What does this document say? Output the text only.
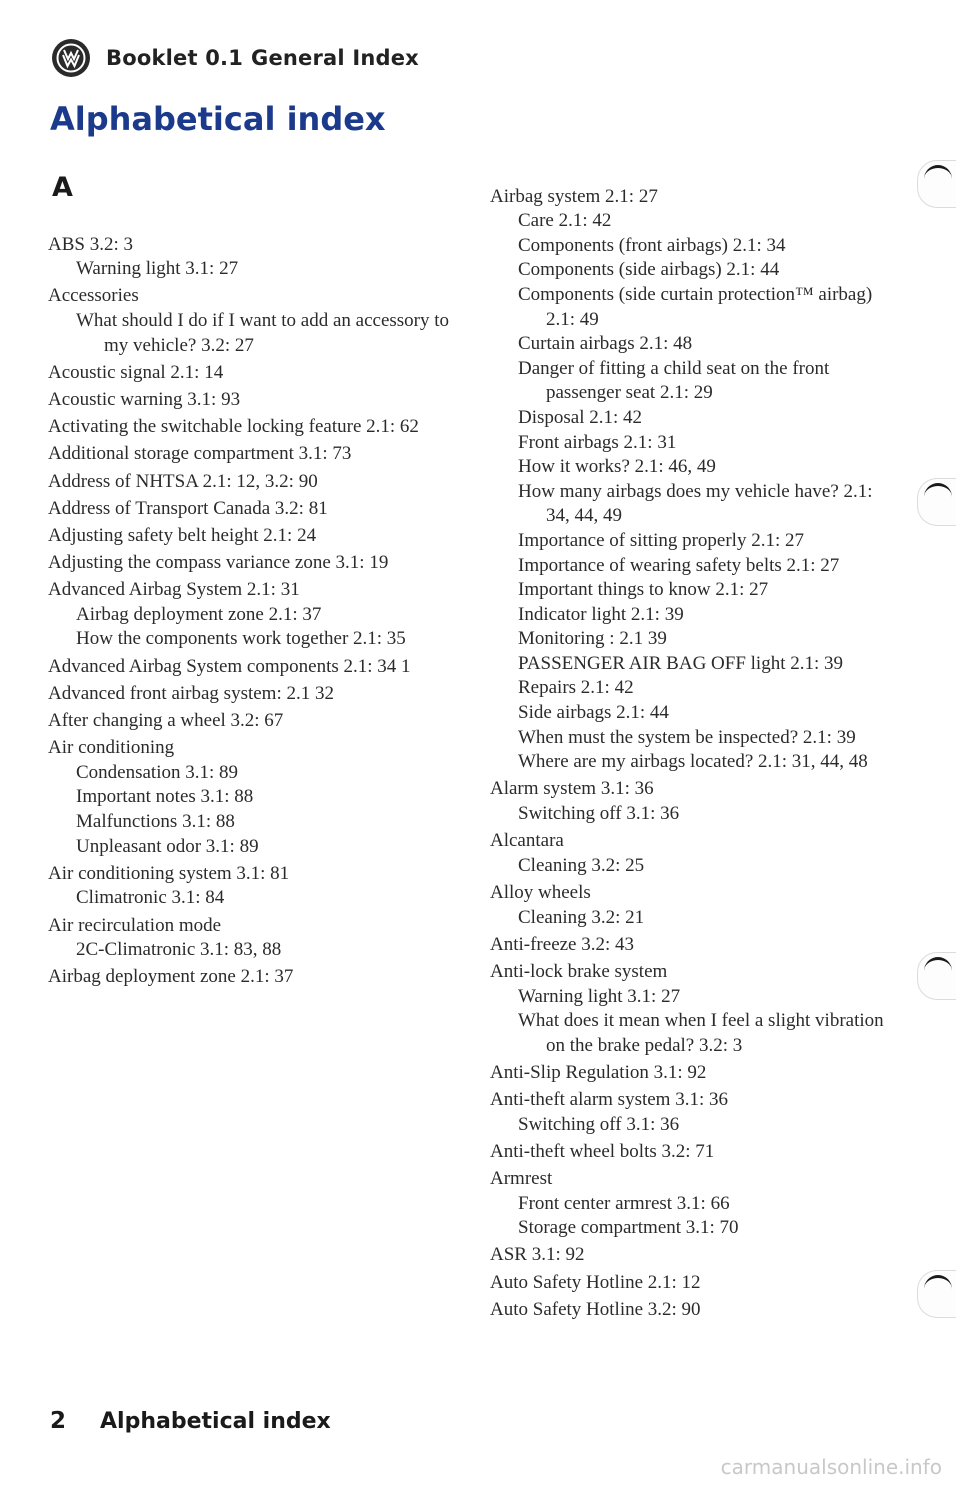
Booklet 0.1 General Index
Alphabetical index
A

ABS 3.2: 3

Warning light 3.1: 27

Accessories

What should I do if I want to add an accessory to my vehicle? 3.2: 27

Acoustic signal 2.1: 14

Acoustic warning 3.1: 93

Activating the switchable locking feature 2.1: 62

Additional storage compartment 3.1: 73

Address of NHTSA 2.1: 12, 3.2: 90

Address of Transport Canada 3.2: 81

Adjusting safety belt height 2.1: 24

Adjusting the compass variance zone 3.1: 19

Advanced Airbag System 2.1: 31

Airbag deployment zone 2.1: 37

How the components work together 2.1: 35

Advanced Airbag System components 2.1: 34 1

Advanced front airbag system: 2.1 32

After changing a wheel 3.2: 67

Air conditioning

Condensation 3.1: 89

Important notes 3.1: 88

Malfunctions 3.1: 88

Unpleasant odor 3.1: 89

Air conditioning system 3.1: 81

Climatronic 3.1: 84

Air recirculation mode

2C-Climatronic 3.1: 83, 88

Airbag deployment zone 2.1: 37

Airbag system 2.1: 27

Care 2.1: 42

Components (front airbags) 2.1: 34

Components (side airbags) 2.1: 44

Components (side curtain protection™ airbag) 2.1: 49

Curtain airbags 2.1: 48

Danger of fitting a child seat on the front passenger seat 2.1: 29

Disposal 2.1: 42

Front airbags 2.1: 31

How it works? 2.1: 46, 49

How many airbags does my vehicle have? 2.1: 34, 44, 49

Importance of sitting properly 2.1: 27

Importance of wearing safety belts 2.1: 27

Important things to know 2.1: 27

Indicator light 2.1: 39

Monitoring : 2.1 39

PASSENGER AIR BAG OFF light 2.1: 39

Repairs 2.1: 42

Side airbags 2.1: 44

When must the system be inspected? 2.1: 39

Where are my airbags located? 2.1: 31, 44, 48

Alarm system 3.1: 36

Switching off 3.1: 36

Alcantara

Cleaning 3.2: 25

Alloy wheels

Cleaning 3.2: 21

Anti-freeze 3.2: 43

Anti-lock brake system

Warning light 3.1: 27

What does it mean when I feel a slight vibration on the brake pedal? 3.2: 3

Anti-Slip Regulation 3.1: 92

Anti-theft alarm system 3.1: 36

Switching off 3.1: 36

Anti-theft wheel bolts 3.2: 71

Armrest

Front center armrest 3.1: 66

Storage compartment 3.1: 70

ASR 3.1: 92

Auto Safety Hotline 2.1: 12

Auto Safety Hotline 3.2: 90

2 Alphabetical index
carmanualsonline.info
